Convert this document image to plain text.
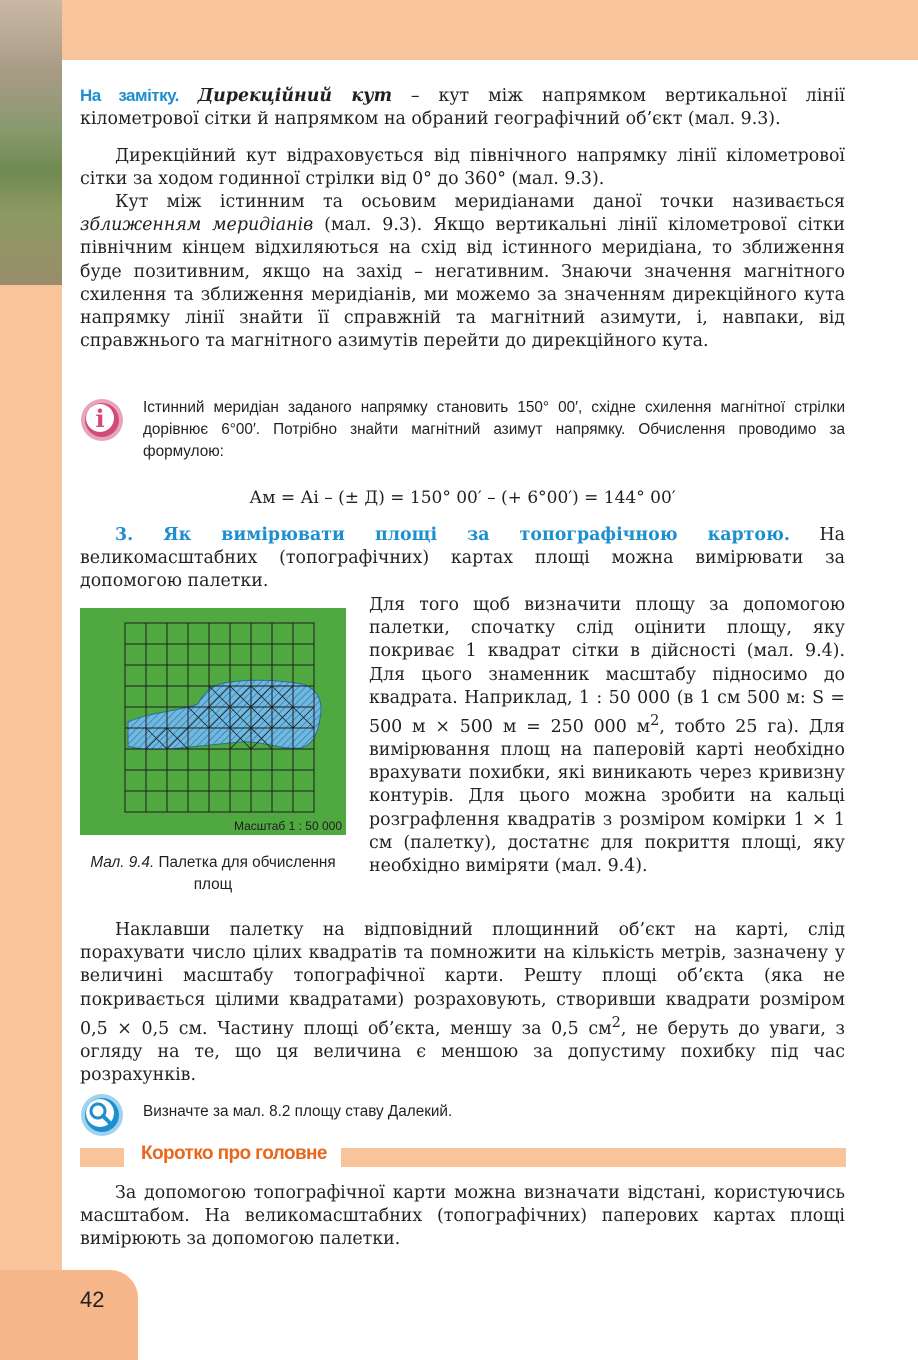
На замітку. Дирекційний кут – кут між напрямком вертикальної лінії кілометрової сітки й напрямком на обраний географічний об’єкт (мал. 9.3).

Дирекційний кут відраховується від північного напрямку лінії кілометрової сітки за ходом годинної стрілки від 0° до 360° (мал. 9.3).

Кут між істинним та осьовим меридіанами даної точки називається зближенням меридіанів (мал. 9.3). Якщо вертикальні лінії кілометрової сітки північним кінцем відхиляються на схід від істинного меридіана, то зближення буде позитивним, якщо на захід – негативним. Знаючи значення магнітного схилення та зближення меридіанів, ми можемо за значенням дирекційного кута напрямку лінії знайти її справжній та магнітний азимути, і, навпаки, від справжнього та магнітного азимутів перейти до дирекційного кута.

i	Істинний меридіан заданого напрямку становить 150° 00′, східне схилення магнітної стрілки дорівнює 6°00′. Потрібно знайти магнітний азимут напрямку. Обчислення проводимо за формулою:

Ам = Аі – (± Д) = 150° 00′ – (+ 6°00′) = 144° 00′

3. Як вимірювати площі за топографічною картою. На великомасштабних (топографічних) картах площі можна вимірювати за допомогою палетки.

Масштаб 1 : 50 000

Мал. 9.4. Палетка для обчислення площ

Для того щоб визначити площу за допомогою палетки, спочатку слід оцінити площу, яку покриває 1 квадрат сітки в дійсності (мал. 9.4). Для цього знаменник масштабу підносимо до квадрата. Наприклад, 1 : 50 000 (в 1 см 500 м: S = 500 м × 500 м = 250 000 $м^2$, тобто 25 га). Для вимірювання площ на паперовій карті необхідно врахувати похибки, які виникають через кривизну контурів. Для цього можна зробити на кальці розграфлення квадратів з розміром комірки 1 × 1 см (палетку), достатнє для покриття площі, яку необхідно виміряти (мал. 9.4).

Наклавши палетку на відповідний площинний об’єкт на карті, слід порахувати число цілих квадратів та помножити на кількість метрів, зазначену у величині масштабу топографічної карти. Решту площі об’єкта (яка не покривається цілими квадратами) розраховують, створивши квадрати розміром 0,5 × 0,5 см. Частину площі об’єкта, меншу за 0,5 $см^2$, не беруть до уваги, з огляду на те, що ця величина є меншою за допустиму похибку під час розрахунків.

Визначте за мал. 8.2 площу ставу Далекий.

Коротко про головне

За допомогою топографічної карти можна визначати відстані, користуючись масштабом. На великомасштабних (топографічних) паперових картах площі вимірюють за допомогою палетки.

42
